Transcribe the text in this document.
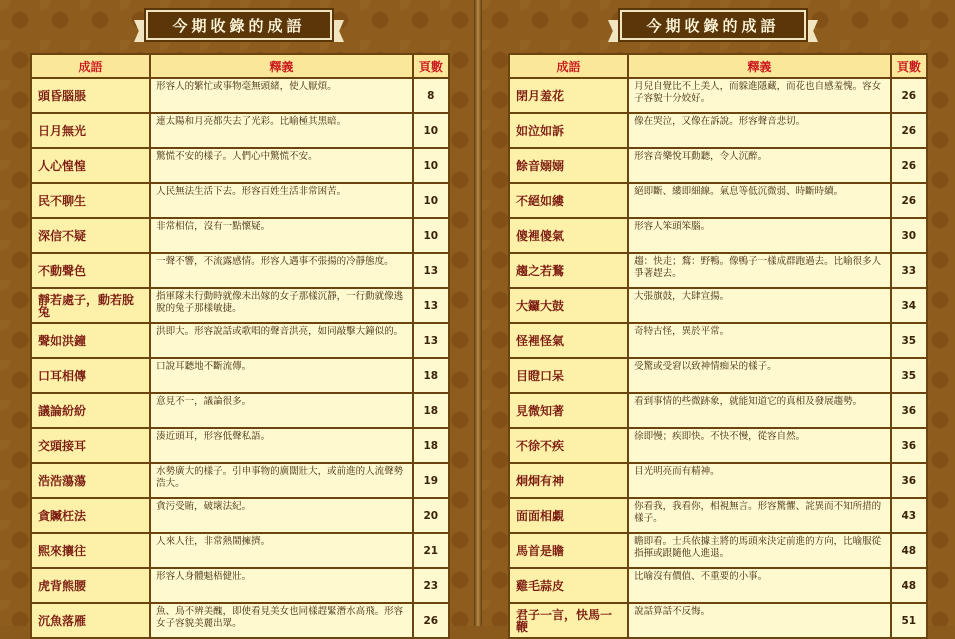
今期收錄的成語
成語	釋義	頁數
頭昏腦脹	形容人的繁忙或事物毫無頭緒，使人厭煩。	8
日月無光	連太陽和月亮都失去了光彩。比喻極其黑暗。	10
人心惶惶	驚慌不安的樣子。人們心中驚慌不安。	10
民不聊生	人民無法生活下去。形容百姓生活非常困苦。	10
深信不疑	非常相信，沒有一點懷疑。	10
不動聲色	一聲不響，不流露感情。形容人遇事不張揚的冷靜態度。	13
靜若處子，動若脫兔	指軍隊未行動時就像未出嫁的女子那樣沉靜，一行動就像逃脫的兔子那樣敏捷。	13
聲如洪鐘	洪即大。形容說話或歌唱的聲音洪亮，如同敲擊大鐘似的。	13
口耳相傳	口說耳聽地不斷流傳。	18
議論紛紛	意見不一，議論很多。	18
交頭接耳	湊近頭耳，形容低聲私語。	18
浩浩蕩蕩	水勢廣大的樣子。引申事物的廣闊壯大，或前進的人流聲勢浩大。	19
貪贓枉法	貪污受賄，破壞法紀。	20
熙來攘往	人來人往，非常熱鬧擁擠。	21
虎背熊腰	形容人身體魁梧健壯。	23
沉魚落雁	魚、鳥不辨美醜，即使看見美女也同樣趕緊潛水高飛。形容女子容貌美麗出眾。	26
今期收錄的成語
成語	釋義	頁數
閉月羞花	月兒自覺比不上美人，而躲進隱藏，而花也自感羞愧。容女子容貌十分姣好。	26
如泣如訴	像在哭泣，又像在訴說。形容聲音悲切。	26
餘音嫋嫋	形容音樂悅耳動聽，令人沉醉。	26
不絕如縷	絕即斷、縷即細線。氣息等低沉微弱、時斷時續。	26
傻裡傻氣	形容人笨頭笨腦。	30
趨之若鶩	趨：快走；鶩：野鴨。像鴨子一樣成群跑過去。比喻很多人爭著趕去。	33
大鑼大鼓	大張旗鼓，大肆宣揚。	34
怪裡怪氣	奇特古怪，異於平常。	35
目瞪口呆	受驚或受窘以致神情痴呆的樣子。	35
見微知著	看到事情的些微跡象，就能知道它的真相及發展趨勢。	36
不徐不疾	徐即慢；疾即快。不快不慢，從容自然。	36
炯炯有神	目光明亮而有精神。	36
面面相覷	你看我，我看你，相視無言。形容驚懼、詫異而不知所措的樣子。	43
馬首是瞻	瞻即看。士兵依據主將的馬頭來決定前進的方向，比喻服從指揮或跟隨他人進退。	48
雞毛蒜皮	比喻沒有價值、不重要的小事。	48
君子一言，快馬一鞭	說話算話不反悔。	51
